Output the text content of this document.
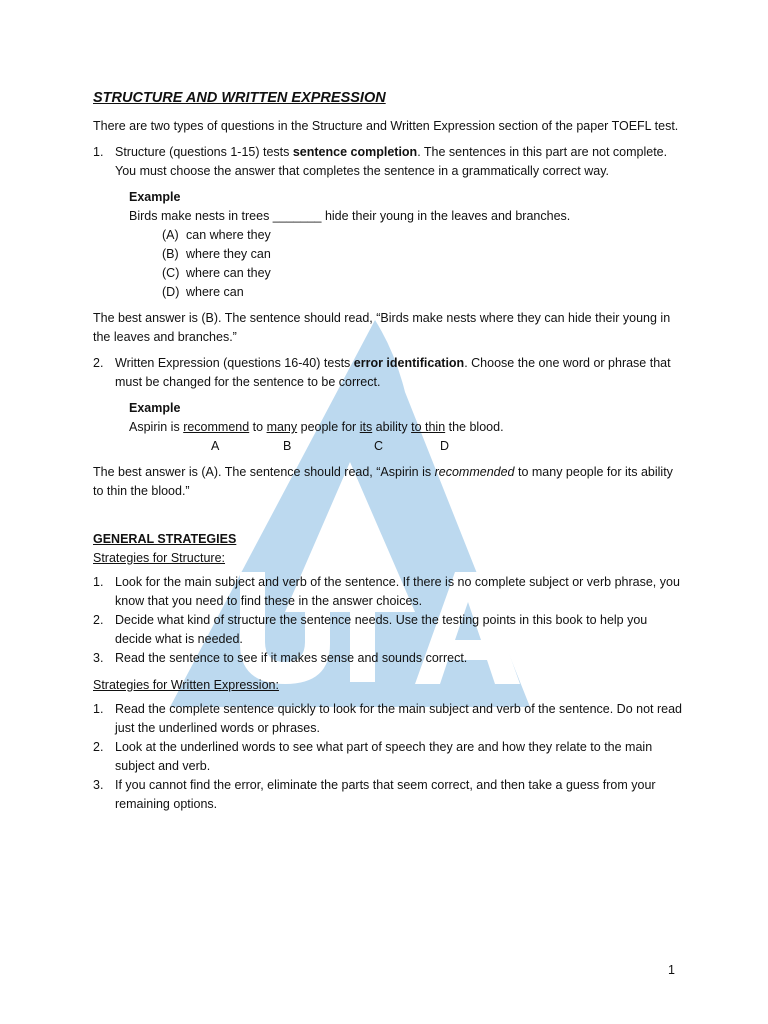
STRUCTURE AND WRITTEN EXPRESSION

There are two types of questions in the Structure and Written Expression section of the paper TOEFL test.

1. Structure (questions 1-15) tests sentence completion. The sentences in this part are not complete. You must choose the answer that completes the sentence in a grammatically correct way.
Example
Birds make nests in trees _______ hide their young in the leaves and branches.
(A) can where they
(B) where they can
(C) where can they
(D) where can

The best answer is (B). The sentence should read, “Birds make nests where they can hide their young in the leaves and branches.”

2. Written Expression (questions 16-40) tests error identification. Choose the one word or phrase that must be changed for the sentence to be correct.
Example
Aspirin is recommend to many people for its ability to thin the blood.
A	B	C	D

The best answer is (A). The sentence should read, “Aspirin is recommended to many people for its ability to thin the blood.”

GENERAL STRATEGIES

Strategies for Structure:

1. Look for the main subject and verb of the sentence. If there is no complete subject or verb phrase, you know that you need to find these in the answer choices.
2. Decide what kind of structure the sentence needs. Use the testing points in this book to help you decide what is needed.
3. Read the sentence to see if it makes sense and sounds correct.

Strategies for Written Expression:

1. Read the complete sentence quickly to look for the main subject and verb of the sentence. Do not read just the underlined words or phrases.
2. Look at the underlined words to see what part of speech they are and how they relate to the main subject and verb.
3. If you cannot find the error, eliminate the parts that seem correct, and then take a guess from your remaining options.
1
